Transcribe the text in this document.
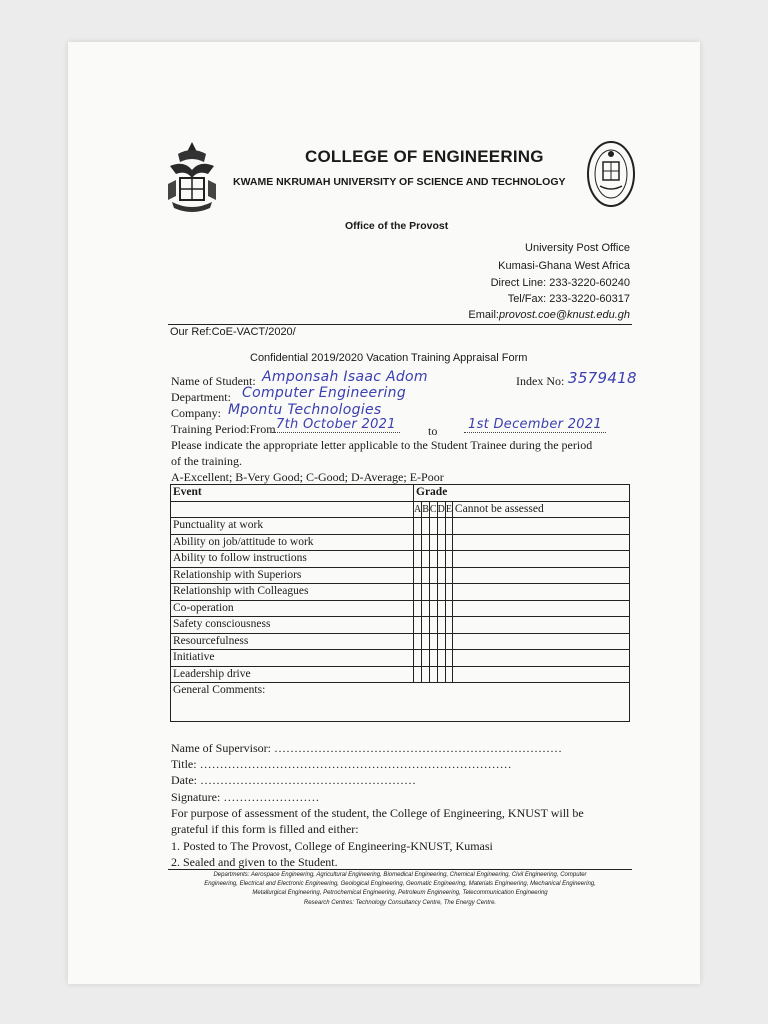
COLLEGE OF ENGINEERING
KWAME NKRUMAH UNIVERSITY OF SCIENCE AND TECHNOLOGY
Office of the Provost
University Post Office
Kumasi-Ghana West Africa
Direct Line: 233-3220-60240
Tel/Fax: 233-3220-60317
Email:provost.coe@knust.edu.gh
Our Ref:CoE-VACT/2020/
Confidential 2019/2020 Vacation Training Appraisal Form
Name of Student: Amponsah Isaac Adom	Index No: 3579418
Department: Computer Engineering
Company: Mpontu Technologies
Training Period:From 7th October 2021	to	1st December 2021
Please indicate the appropriate letter applicable to the Student Trainee during the period
of the training.
A-Excellent; B-Very Good; C-Good; D-Average; E-Poor
Event	Grade					
	A	B	C	D	E	Cannot be assessed
Punctuality at work						
Ability on job/attitude to work						
Ability to follow instructions						
Relationship with Superiors						
Relationship with Colleagues						
Co-operation						
Safety consciousness						
Resourcefulness						
Initiative						
Leadership drive						
General Comments:						
Name of Supervisor: ………………………………………………………………
Title: ……………………………………………………………………
Date: ………………………………………………
Signature: ……………………
For purpose of assessment of the student, the College of Engineering, KNUST will be
grateful if this form is filled and either:
1. Posted to The Provost, College of Engineering-KNUST, Kumasi
2. Sealed and given to the Student.
Departments: Aerospace Engineering, Agricultural Engineering, Biomedical Engineering, Chemical Engineering, Civil Engineering, Computer
Engineering, Electrical and Electronic Engineering, Geological Engineering, Geomatic Engineering, Materials Engineering, Mechanical Engineering,
Metallurgical Engineering, Petrochemical Engineering, Petroleum Engineering, Telecommunication Engineering
Research Centres: Technology Consultancy Centre, The Energy Centre.
